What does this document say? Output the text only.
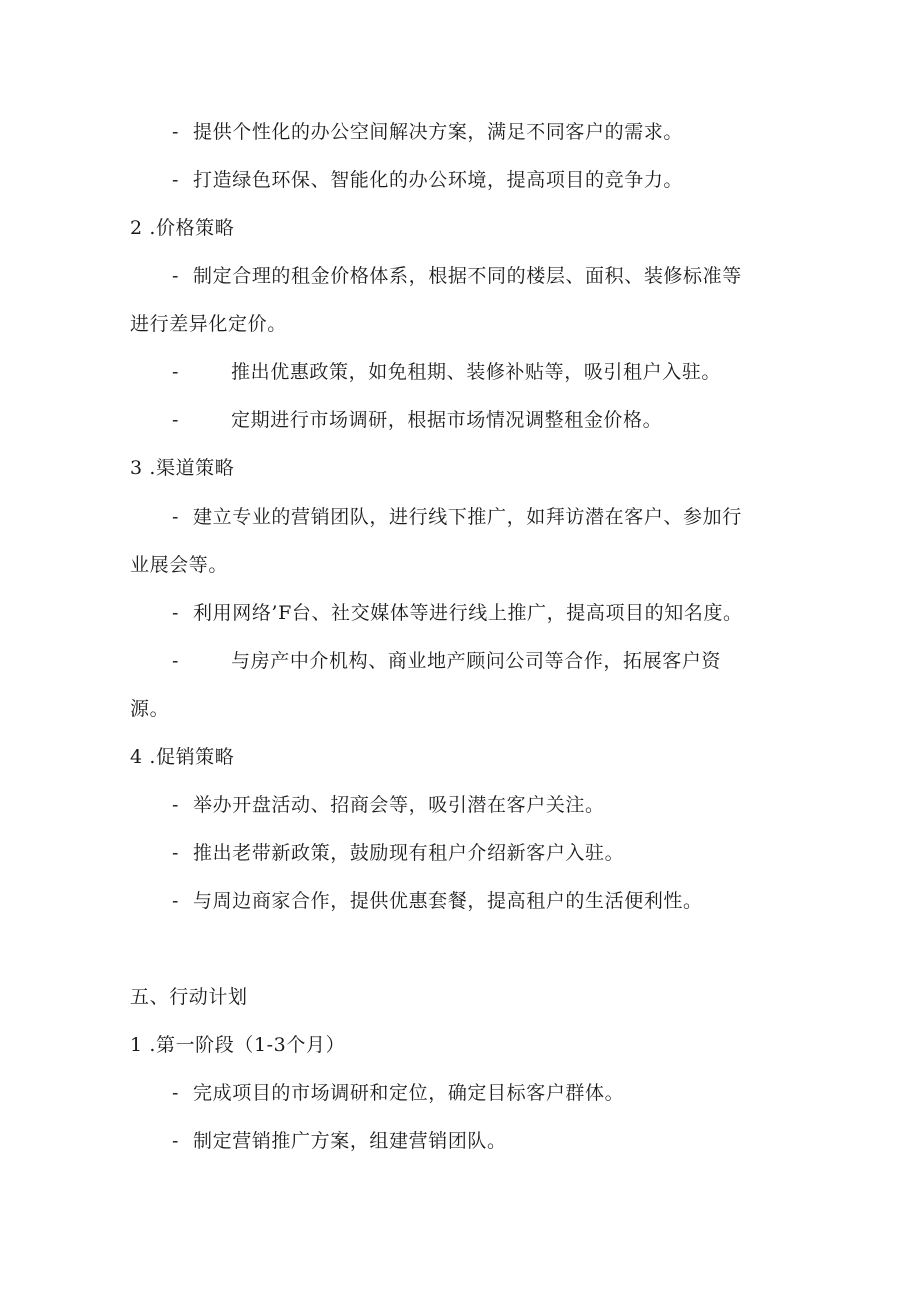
- 提供个性化的办公空间解决方案，满足不同客户的需求。
- 打造绿色环保、智能化的办公环境，提高项目的竞争力。
2 .价格策略
- 制定合理的租金价格体系，根据不同的楼层、面积、装修标准等
进行差异化定价。
-	推出优惠政策，如免租期、装修补贴等，吸引租户入驻。
-	定期进行市场调研，根据市场情况调整租金价格。
3 .渠道策略
- 建立专业的营销团队，进行线下推广，如拜访潜在客户、参加行
业展会等。
- 利用网络’F台、社交媒体等进行线上推广，提高项目的知名度。
-	与房产中介机构、商业地产顾问公司等合作，拓展客户资
源。
4 .促销策略
- 举办开盘活动、招商会等，吸引潜在客户关注。
- 推出老带新政策，鼓励现有租户介绍新客户入驻。
- 与周边商家合作，提供优惠套餐，提高租户的生活便利性。
五、行动计划
1 .第一阶段（1-3个月）
- 完成项目的市场调研和定位，确定目标客户群体。
- 制定营销推广方案，组建营销团队。
